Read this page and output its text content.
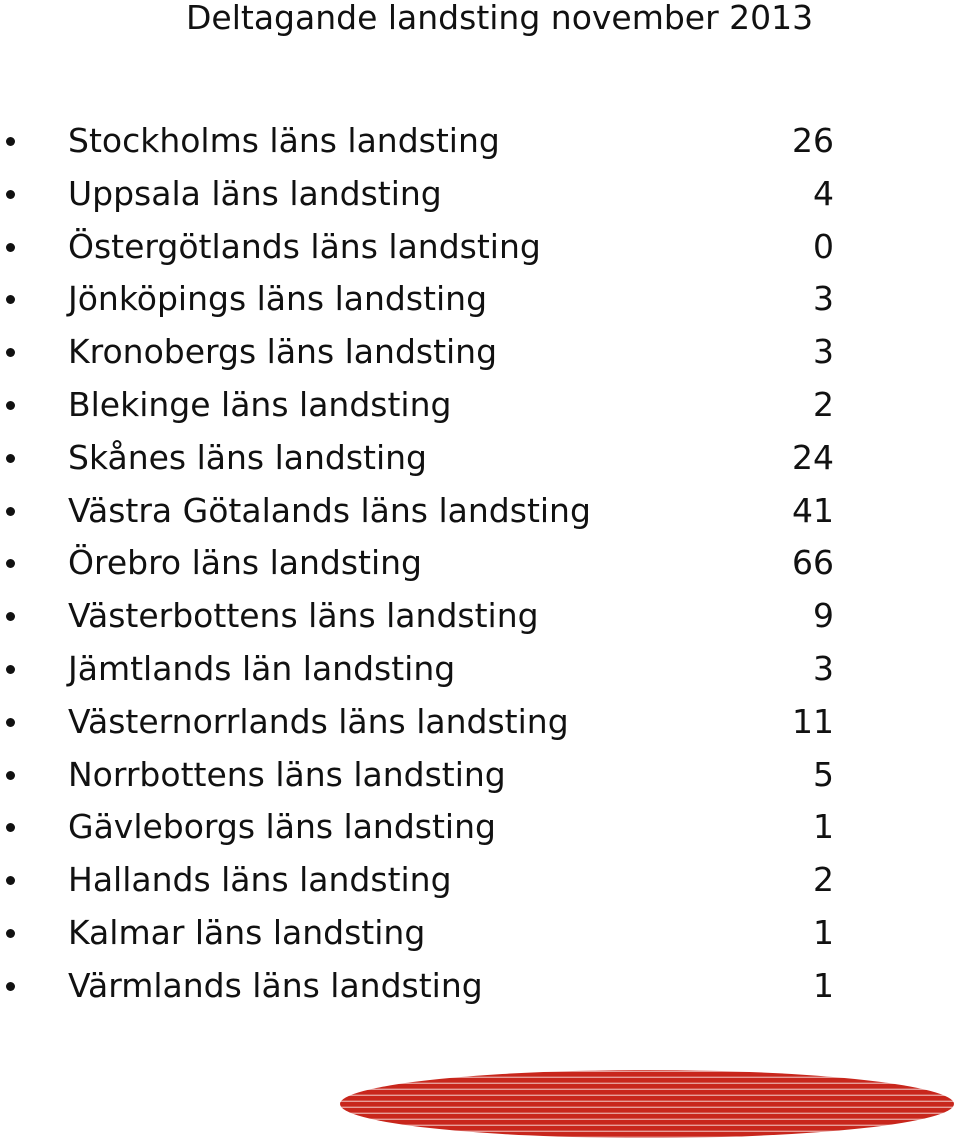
Deltagande landsting november 2013
Stockholms läns landsting	26
Uppsala läns landsting	4
Östergötlands läns landsting	0
Jönköpings läns landsting	3
Kronobergs läns landsting	3
Blekinge läns landsting	2
Skånes läns landsting	24
Västra Götalands läns landsting	41
Örebro läns landsting	66
Västerbottens läns landsting	9
Jämtlands län landsting	3
Västernorrlands läns landsting	11
Norrbottens läns landsting	5
Gävleborgs läns landsting	1
Hallands läns landsting	2
Kalmar läns landsting	1
Värmlands läns landsting	1
